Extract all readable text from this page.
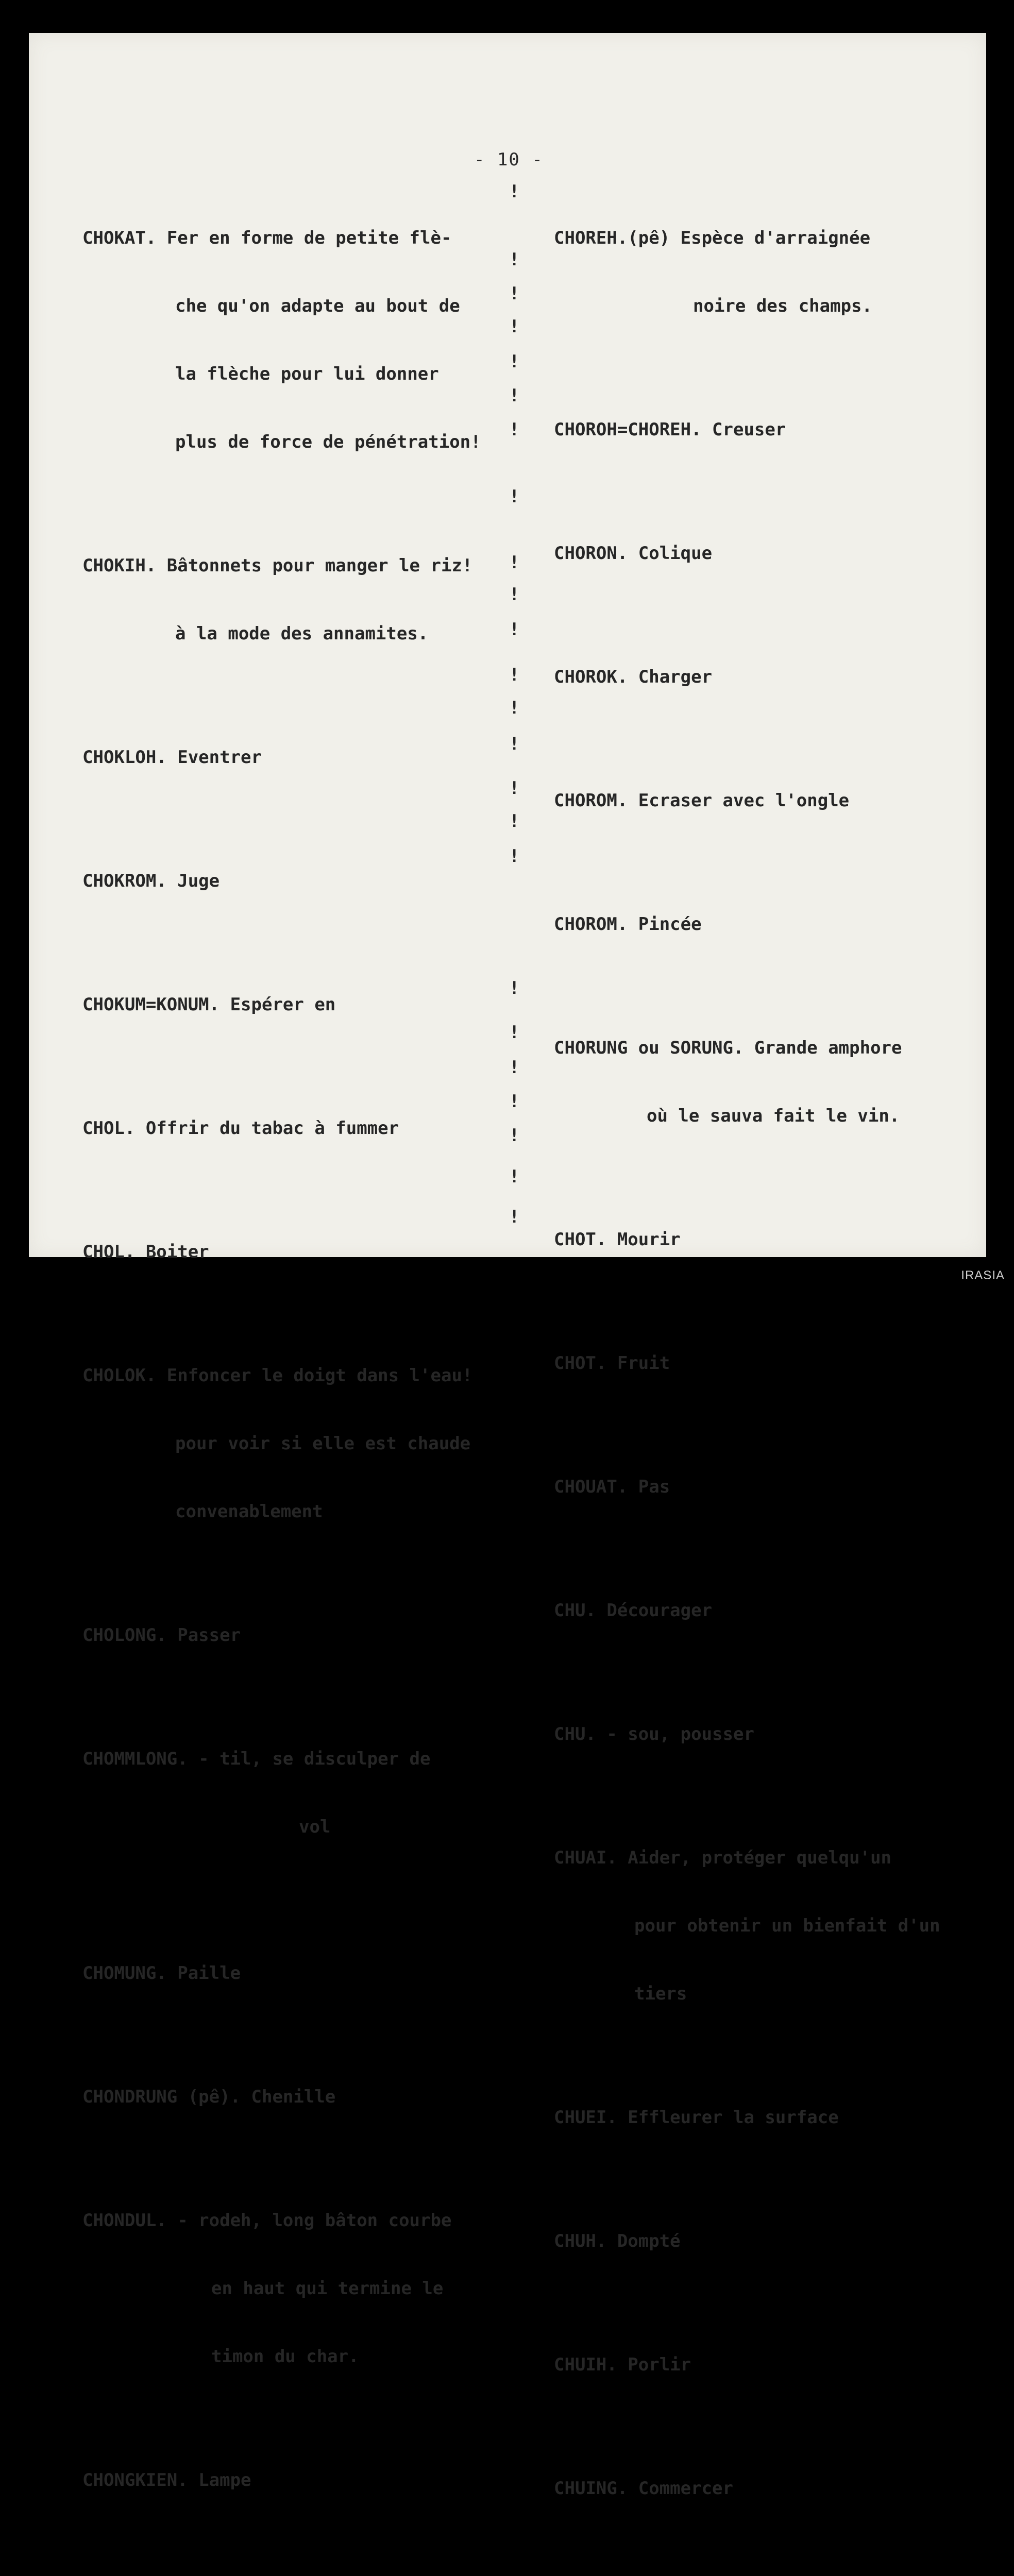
- 10 -

CHOKAT. Fer en forme de petite flè-

che qu'on adapte au bout de

la flèche pour lui donner

plus de force de pénétration!

CHOKIH. Bâtonnets pour manger le riz!

à la mode des annamites.

CHOKLOH. Eventrer

CHOKROM. Juge

CHOKUM=KONUM. Espérer en

CHOL. Offrir du tabac à fummer

CHOL. Boiter

CHOLOK. Enfoncer le doigt dans l'eau!

pour voir si elle est chaude

convenablement

CHOLONG. Passer

CHOMMLONG. - til, se disculper de

vol

CHOMUNG. Paille

CHONDRUNG (pê). Chenille

CHONDUL. - rodeh, long bâton courbe

en haut qui termine le

timon du char.

CHONGKIEN. Lampe

!
!
!
!
!
!
!
!
!
!
!
!
!
!
!
!
!
!
!
!
!
!
!
!

CHOREH.(pê) Espèce d'arraignée

noire des champs.

CHOROH=CHOREH. Creuser

CHORON. Colique

CHOROK. Charger

CHOROM. Ecraser avec l'ongle

CHOROM. Pincée

CHORUNG ou SORUNG. Grande amphore

où le sauva fait le vin.

CHOT. Mourir

CHOT. Fruit

CHOUAT. Pas

CHU. Décourager

CHU. - sou, pousser

CHUAI. Aider, protéger quelqu'un

pour obtenir un bienfait d'un

tiers

CHUEI. Effleurer la surface

CHUH. Dompté

CHUIH. Porlir

CHUING. Commercer

IRASIA
